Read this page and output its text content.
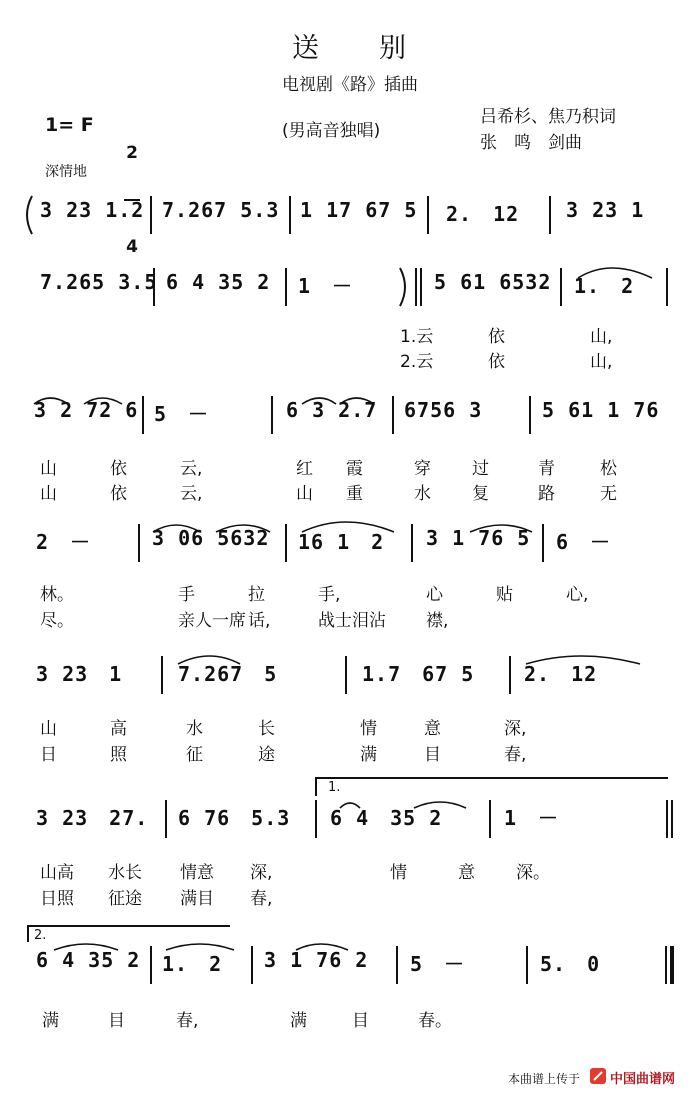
送　　别
电视剧《路》插曲
1= F

2

4

(男高音独唱)
吕希杉、焦乃积词
张　鸣　剑曲
深情地
3 23 1.2 7.267 5.3 1 17 67 5 2.　12 3 23 1
7.265 3.5 6 4 35 2 1　－	5 61 6532 1.　2
1.云	依	山,
2.云	依	山,
3 2 72 6 5　－	6 3 2.7 6756 3	5 61 1 76
山	依	云,	红 霞	穿 过	青	松
山	依	云,	山 重	水 复	路	无
2　－	3 06 5632 16 1　2 3 1 76 5 6　－
林。	手	拉	手,	心	贴	心,
尽。	亲人一席 话,	战士泪沾 襟,
3 23　1	7.267　5	1.7　67 5 2.　12
山	高	水	长	情	意	深,
日	照	征	途	满	目	春,
3 23　27. 6 76　5.3 6 4　35 2	1　－
1.
山高 水长 情意 深,	情	意 深。
日照 征途 满目 春,
6 4 35 2 1.　2 3 1 76 2 5　－	5.　0
2.
满	目	春,	满	目	春。
本曲谱上传于 中国曲谱网
